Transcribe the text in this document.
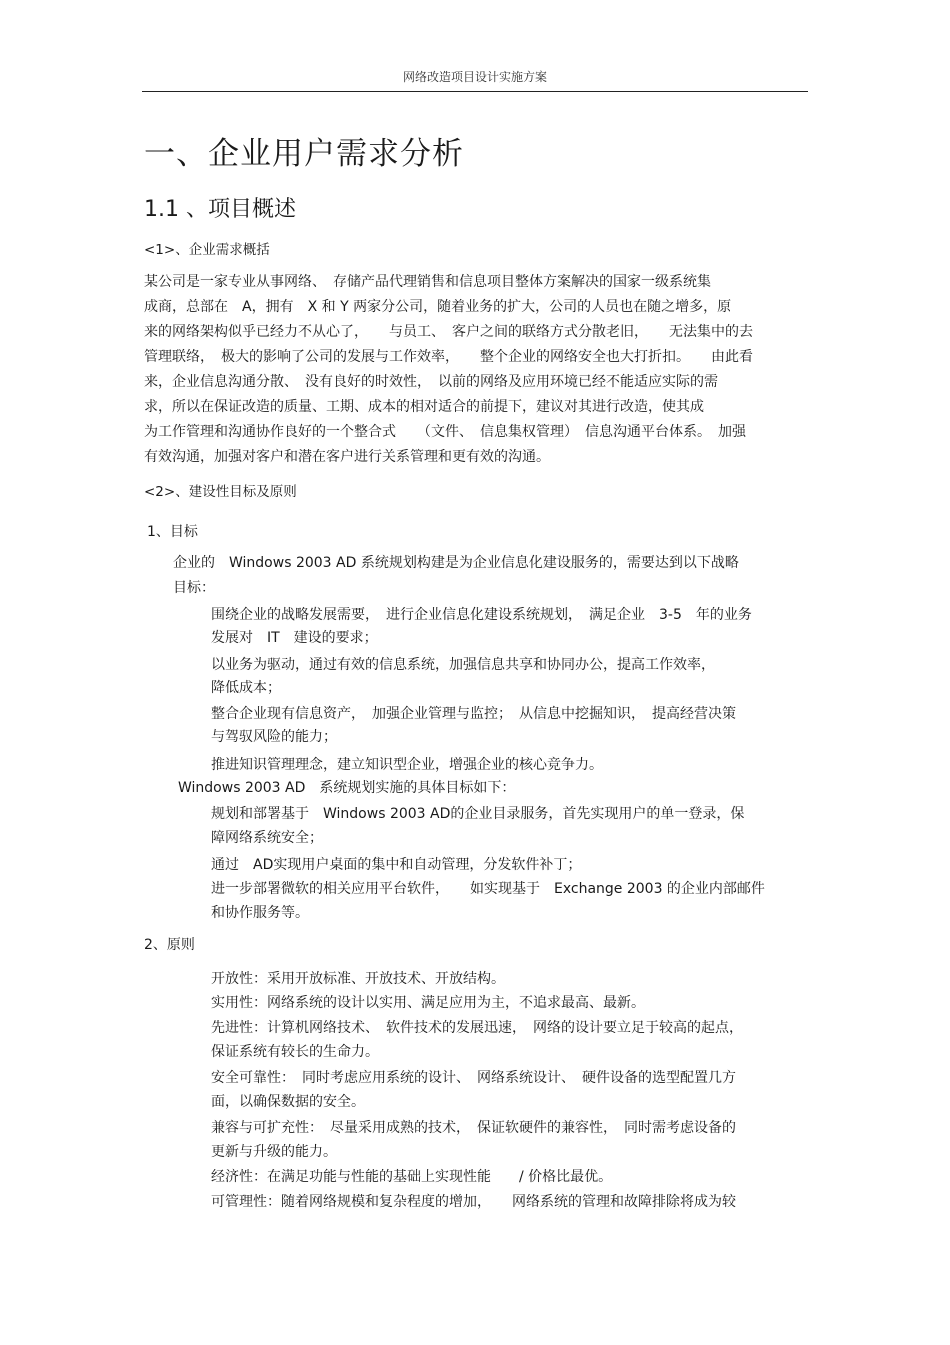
网络改造项目设计实施方案
一、企业用户需求分析
1.1 、项目概述
<1>、企业需求概括
某公司是一家专业从事网络、　存储产品代理销售和信息项目整体方案解决的国家一级系统集
成商，总部在　A，拥有　X 和 Y 两家分公司，随着业务的扩大，公司的人员也在随之增多，原
来的网络架构似乎已经力不从心了，　　与员工、　客户之间的联络方式分散老旧，　　无法集中的去
管理联络，　极大的影响了公司的发展与工作效率，　　整个企业的网络安全也大打折扣。　　由此看
来，企业信息沟通分散、　没有良好的时效性，　以前的网络及应用环境已经不能适应实际的需
求，所以在保证改造的质量、工期、成本的相对适合的前提下，建议对其进行改造，使其成
为工作管理和沟通协作良好的一个整合式　　（文件、　信息集权管理）　信息沟通平台体系。　加强
有效沟通，加强对客户和潜在客户进行关系管理和更有效的沟通。
<2>、建设性目标及原则
1、目标
企业的　Windows 2003 AD 系统规划构建是为企业信息化建设服务的，需要达到以下战略
目标：
围绕企业的战略发展需要，　进行企业信息化建设系统规划，　满足企业　3-5　年的业务
发展对　IT　建设的要求；
以业务为驱动，通过有效的信息系统，加强信息共享和协同办公，提高工作效率，
降低成本；
整合企业现有信息资产，　加强企业管理与监控；　从信息中挖掘知识，　提高经营决策
与驾驭风险的能力；
推进知识管理理念，建立知识型企业，增强企业的核心竞争力。
Windows 2003 AD　系统规划实施的具体目标如下：
规划和部署基于　Windows 2003 AD的企业目录服务，首先实现用户的单一登录，保
障网络系统安全；
通过　AD实现用户桌面的集中和自动管理，分发软件补丁；
进一步部署微软的相关应用平台软件，　　如实现基于　Exchange 2003 的企业内部邮件
和协作服务等。
2、原则
开放性：采用开放标准、开放技术、开放结构。
实用性：网络系统的设计以实用、满足应用为主，不追求最高、最新。
先进性：计算机网络技术、　软件技术的发展迅速，　网络的设计要立足于较高的起点，
保证系统有较长的生命力。
安全可靠性：　同时考虑应用系统的设计、　网络系统设计、　硬件设备的选型配置几方
面，以确保数据的安全。
兼容与可扩充性：　尽量采用成熟的技术，　保证软硬件的兼容性，　同时需考虑设备的
更新与升级的能力。
经济性：在满足功能与性能的基础上实现性能　　/ 价格比最优。
可管理性：随着网络规模和复杂程度的增加，　　网络系统的管理和故障排除将成为较
